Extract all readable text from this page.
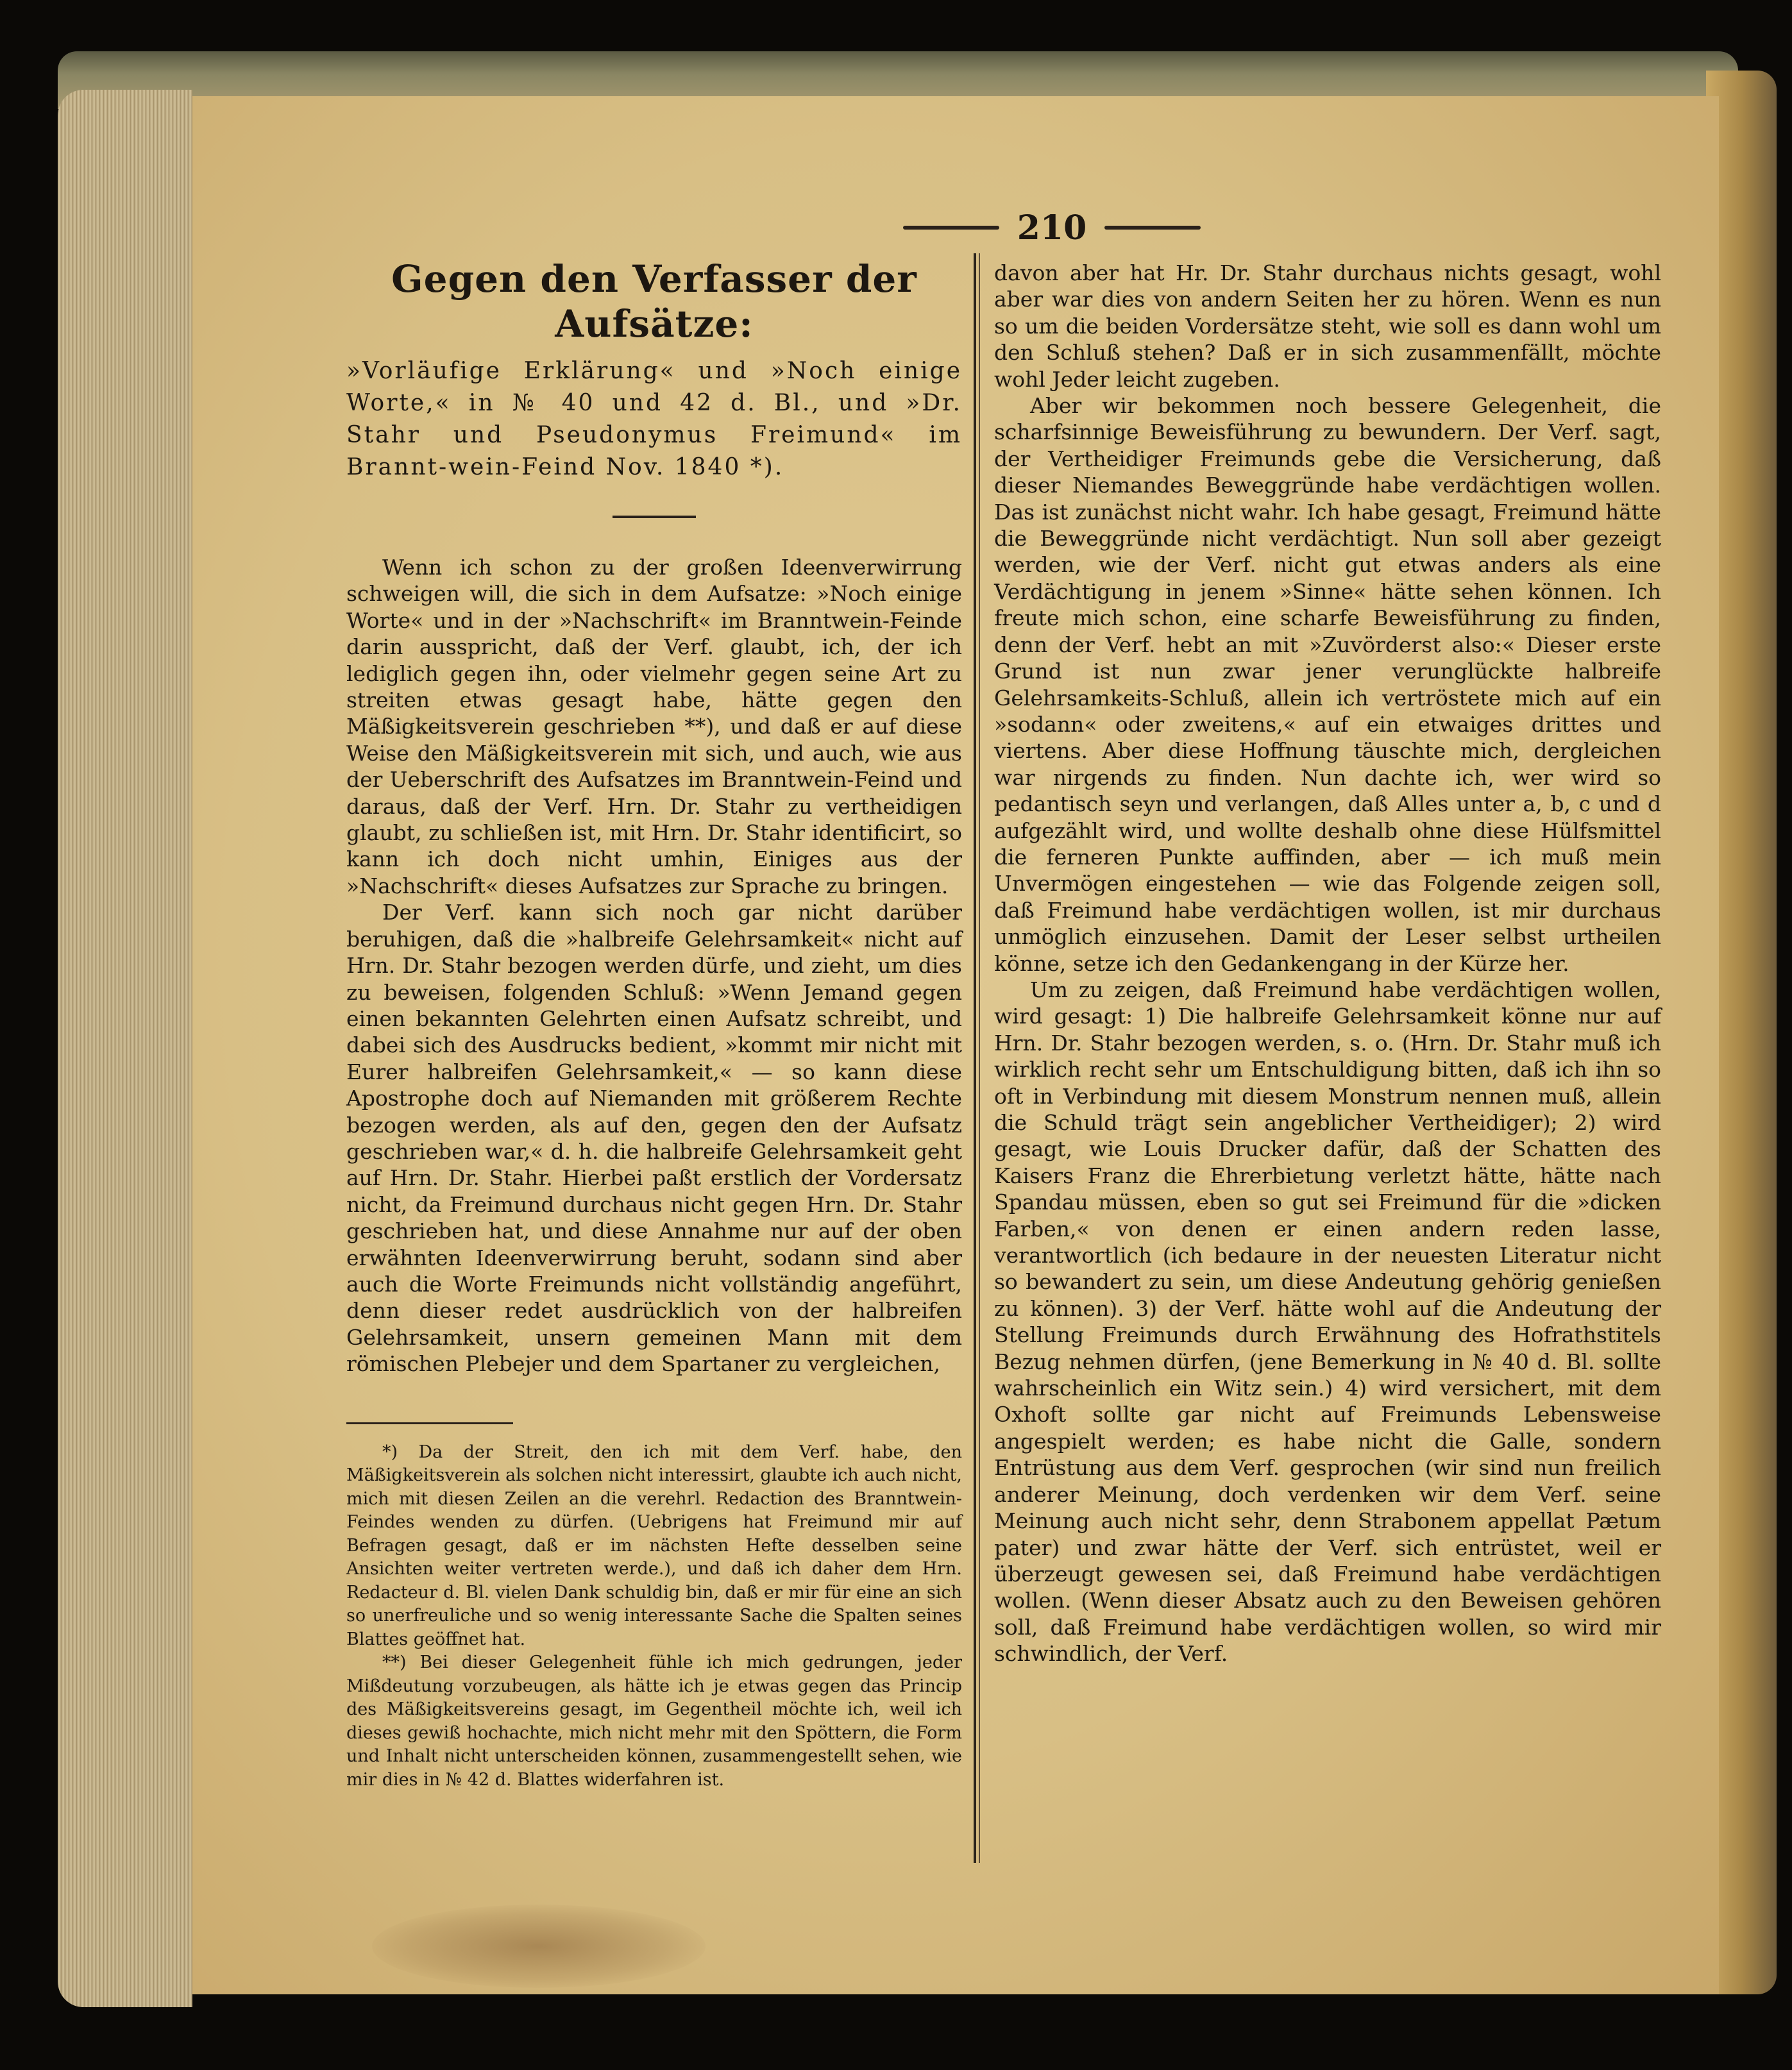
210
Gegen den Verfasser der Aufsätze:

»Vorläufige Erklärung« und »Noch einige Worte,« in № 40 und 42 d. Bl., und »Dr. Stahr und Pseudonymus Freimund« im Brannt-wein-Feind Nov. 1840 *).

Wenn ich schon zu der großen Ideenverwirrung schweigen will, die sich in dem Aufsatze: »Noch einige Worte« und in der »Nachschrift« im Branntwein-Feinde darin ausspricht, daß der Verf. glaubt, ich, der ich lediglich gegen ihn, oder vielmehr gegen seine Art zu streiten etwas gesagt habe, hätte gegen den Mäßigkeitsverein geschrieben **), und daß er auf diese Weise den Mäßigkeitsverein mit sich, und auch, wie aus der Ueberschrift des Aufsatzes im Branntwein-Feind und daraus, daß der Verf. Hrn. Dr. Stahr zu vertheidigen glaubt, zu schließen ist, mit Hrn. Dr. Stahr identificirt, so kann ich doch nicht umhin, Einiges aus der »Nachschrift« dieses Aufsatzes zur Sprache zu bringen.

Der Verf. kann sich noch gar nicht darüber beruhigen, daß die »halbreife Gelehrsamkeit« nicht auf Hrn. Dr. Stahr bezogen werden dürfe, und zieht, um dies zu beweisen, folgenden Schluß: »Wenn Jemand gegen einen bekannten Gelehrten einen Aufsatz schreibt, und dabei sich des Ausdrucks bedient, »kommt mir nicht mit Eurer halbreifen Gelehrsamkeit,« — so kann diese Apostrophe doch auf Niemanden mit größerem Rechte bezogen werden, als auf den, gegen den der Aufsatz geschrieben war,« d. h. die halbreife Gelehrsamkeit geht auf Hrn. Dr. Stahr. Hierbei paßt erstlich der Vordersatz nicht, da Freimund durchaus nicht gegen Hrn. Dr. Stahr geschrieben hat, und diese Annahme nur auf der oben erwähnten Ideenverwirrung beruht, sodann sind aber auch die Worte Freimunds nicht vollständig angeführt, denn dieser redet ausdrücklich von der halbreifen Gelehrsamkeit, unsern gemeinen Mann mit dem römischen Plebejer und dem Spartaner zu vergleichen,

*) Da der Streit, den ich mit dem Verf. habe, den Mäßigkeitsverein als solchen nicht interessirt, glaubte ich auch nicht, mich mit diesen Zeilen an die verehrl. Redaction des Branntwein-Feindes wenden zu dürfen. (Uebrigens hat Freimund mir auf Befragen gesagt, daß er im nächsten Hefte desselben seine Ansichten weiter vertreten werde.), und daß ich daher dem Hrn. Redacteur d. Bl. vielen Dank schuldig bin, daß er mir für eine an sich so unerfreuliche und so wenig interessante Sache die Spalten seines Blattes geöffnet hat.

**) Bei dieser Gelegenheit fühle ich mich gedrungen, jeder Mißdeutung vorzubeugen, als hätte ich je etwas gegen das Princip des Mäßigkeitsvereins gesagt, im Gegentheil möchte ich, weil ich dieses gewiß hochachte, mich nicht mehr mit den Spöttern, die Form und Inhalt nicht unterscheiden können, zusammengestellt sehen, wie mir dies in № 42 d. Blattes widerfahren ist.

davon aber hat Hr. Dr. Stahr durchaus nichts gesagt, wohl aber war dies von andern Seiten her zu hören. Wenn es nun so um die beiden Vordersätze steht, wie soll es dann wohl um den Schluß stehen? Daß er in sich zusammenfällt, möchte wohl Jeder leicht zugeben.

Aber wir bekommen noch bessere Gelegenheit, die scharfsinnige Beweisführung zu bewundern. Der Verf. sagt, der Vertheidiger Freimunds gebe die Versicherung, daß dieser Niemandes Beweggründe habe verdächtigen wollen. Das ist zunächst nicht wahr. Ich habe gesagt, Freimund hätte die Beweggründe nicht verdächtigt. Nun soll aber gezeigt werden, wie der Verf. nicht gut etwas anders als eine Verdächtigung in jenem »Sinne« hätte sehen können. Ich freute mich schon, eine scharfe Beweisführung zu finden, denn der Verf. hebt an mit »Zuvörderst also:« Dieser erste Grund ist nun zwar jener verunglückte halbreife Gelehrsamkeits-Schluß, allein ich vertröstete mich auf ein »sodann« oder zweitens,« auf ein etwaiges drittes und viertens. Aber diese Hoffnung täuschte mich, dergleichen war nirgends zu finden. Nun dachte ich, wer wird so pedantisch seyn und verlangen, daß Alles unter a, b, c und d aufgezählt wird, und wollte deshalb ohne diese Hülfsmittel die ferneren Punkte auffinden, aber — ich muß mein Unvermögen eingestehen — wie das Folgende zeigen soll, daß Freimund habe verdächtigen wollen, ist mir durchaus unmöglich einzusehen. Damit der Leser selbst urtheilen könne, setze ich den Gedankengang in der Kürze her.

Um zu zeigen, daß Freimund habe verdächtigen wollen, wird gesagt: 1) Die halbreife Gelehrsamkeit könne nur auf Hrn. Dr. Stahr bezogen werden, s. o. (Hrn. Dr. Stahr muß ich wirklich recht sehr um Entschuldigung bitten, daß ich ihn so oft in Verbindung mit diesem Monstrum nennen muß, allein die Schuld trägt sein angeblicher Vertheidiger); 2) wird gesagt, wie Louis Drucker dafür, daß der Schatten des Kaisers Franz die Ehrerbietung verletzt hätte, hätte nach Spandau müssen, eben so gut sei Freimund für die »dicken Farben,« von denen er einen andern reden lasse, verantwortlich (ich bedaure in der neuesten Literatur nicht so bewandert zu sein, um diese Andeutung gehörig genießen zu können). 3) der Verf. hätte wohl auf die Andeutung der Stellung Freimunds durch Erwähnung des Hofrathstitels Bezug nehmen dürfen, (jene Bemerkung in № 40 d. Bl. sollte wahrscheinlich ein Witz sein.) 4) wird versichert, mit dem Oxhoft sollte gar nicht auf Freimunds Lebensweise angespielt werden; es habe nicht die Galle, sondern Entrüstung aus dem Verf. gesprochen (wir sind nun freilich anderer Meinung, doch verdenken wir dem Verf. seine Meinung auch nicht sehr, denn Strabonem appellat Pætum pater) und zwar hätte der Verf. sich entrüstet, weil er überzeugt gewesen sei, daß Freimund habe verdächtigen wollen. (Wenn dieser Absatz auch zu den Beweisen gehören soll, daß Freimund habe verdächtigen wollen, so wird mir schwindlich, der Verf.
